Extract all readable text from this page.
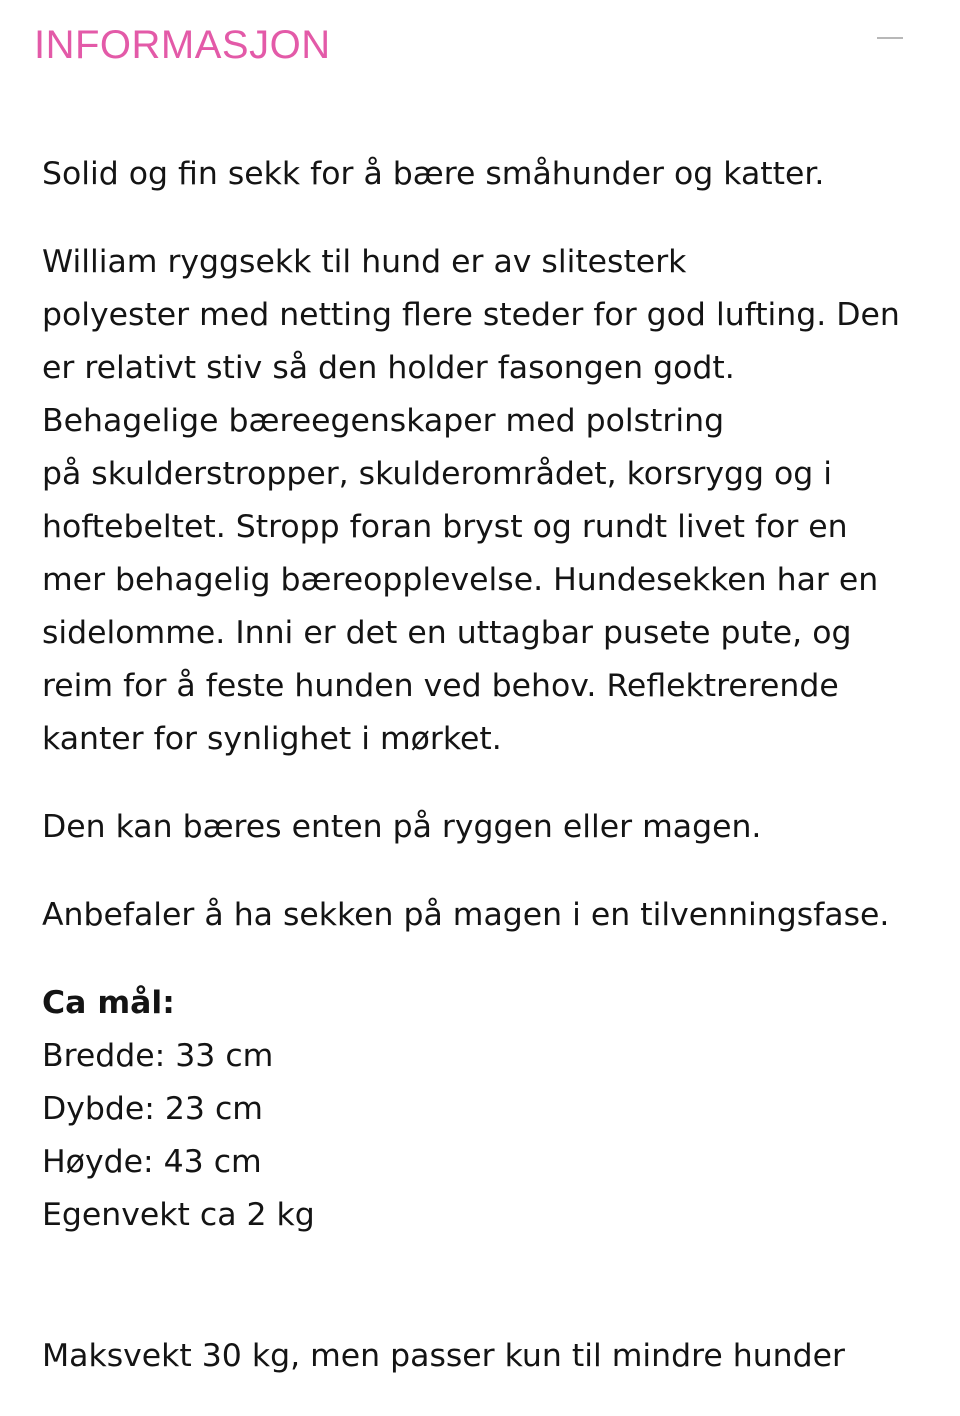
INFORMASJON

Solid og fin sekk for å bære småhunder og katter.

William ryggsekk til hund er av slitesterk

polyester med netting flere steder for god lufting. Den

er relativt stiv så den holder fasongen godt.

Behagelige bæreegenskaper med polstring

på skulderstropper, skulderområdet, korsrygg og i

hoftebeltet. Stropp foran bryst og rundt livet for en

mer behagelig bæreopplevelse. Hundesekken har en

sidelomme. Inni er det en uttagbar pusete pute, og

reim for å feste hunden ved behov. Reflektrerende

kanter for synlighet i mørket.

Den kan bæres enten på ryggen eller magen.

Anbefaler å ha sekken på magen i en tilvenningsfase.

Ca mål:

Bredde: 33 cm

Dybde: 23 cm

Høyde: 43 cm

Egenvekt ca 2 kg

Maksvekt 30 kg, men passer kun til mindre hunder
